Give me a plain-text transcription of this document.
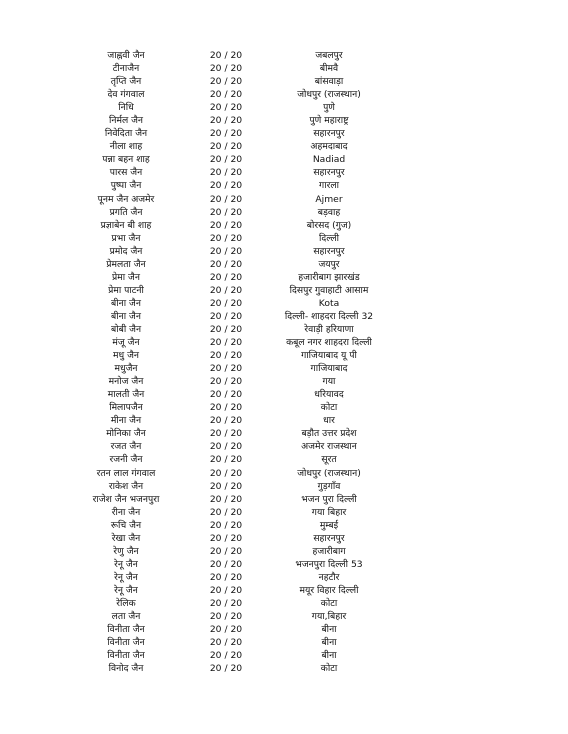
जाह्नवी जैन	20 / 20	जबलपुर
टीनाजैन	20 / 20	बीमवै
तृप्ति जैन	20 / 20	बांसवाड़ा
देव गंगवाल	20 / 20	जोधपुर (राजस्थान)
निधि	20 / 20	पुणे
निर्मल जैन	20 / 20	पुणे महाराष्ट्र
निवेदिता जैन	20 / 20	सहारनपुर
नीला शाह	20 / 20	अहमदाबाद
पन्ना बहन शाह	20 / 20	Nadiad
पारस जैन	20 / 20	सहारनपुर
पुष्पा जैन	20 / 20	गारला
पूनम जैन अजमेर	20 / 20	Ajmer
प्रगति जैन	20 / 20	बड़वाह
प्रज्ञाबेन बी शाह	20 / 20	बोरसद (गुज)
प्रभा जैन	20 / 20	दिल्ली
प्रमोद जैन	20 / 20	सहारनपुर
प्रेमलता जैन	20 / 20	जयपुर
प्रेमा जैन	20 / 20	हजारीबाग झारखंड
प्रेमा पाटनी	20 / 20	दिसपुर गुवाहाटी आसाम
बीना जैन	20 / 20	Kota
बीना जैन	20 / 20	दिल्ली- शाहदरा दिल्ली 32
बोबी जैन	20 / 20	रेवाड़ी हरियाणा
मंजू जैन	20 / 20	कबूल नगर शाहदरा दिल्ली
मधु जैन	20 / 20	गाजियाबाद यू पी
मधुजैन	20 / 20	गाजियाबाद
मनोज जैन	20 / 20	गया
मालती जैन	20 / 20	धरियावद
मिलापजैन	20 / 20	कोटा
मीना जैन	20 / 20	धार
मोनिका जैन	20 / 20	बड़ौत उत्तर प्रदेश
रजत जैन	20 / 20	अजमेर राजस्थान
रजनी जैन	20 / 20	सूरत
रतन लाल गंगवाल	20 / 20	जोधपुर (राजस्थान)
राकेश जैन	20 / 20	गुड़गाँव
राजेश जैन भजनपुरा	20 / 20	भजन पुरा दिल्ली
रीना जैन	20 / 20	गया बिहार
रूचि जैन	20 / 20	मुम्बई
रेखा जैन	20 / 20	सहारनपुर
रेणु जैन	20 / 20	हजारीबाग
रेनू जैन	20 / 20	भजनपुरा दिल्ली 53
रेनू जैन	20 / 20	नहटौर
रेनू जैन	20 / 20	मयूर विहार दिल्ली
रेलिक	20 / 20	कोटा
लता जैन	20 / 20	गया,बिहार
विनीता जैन	20 / 20	बीना
विनीता जैन	20 / 20	बीना
विनीता जैन	20 / 20	बीना
विनोद जैन	20 / 20	कोटा
